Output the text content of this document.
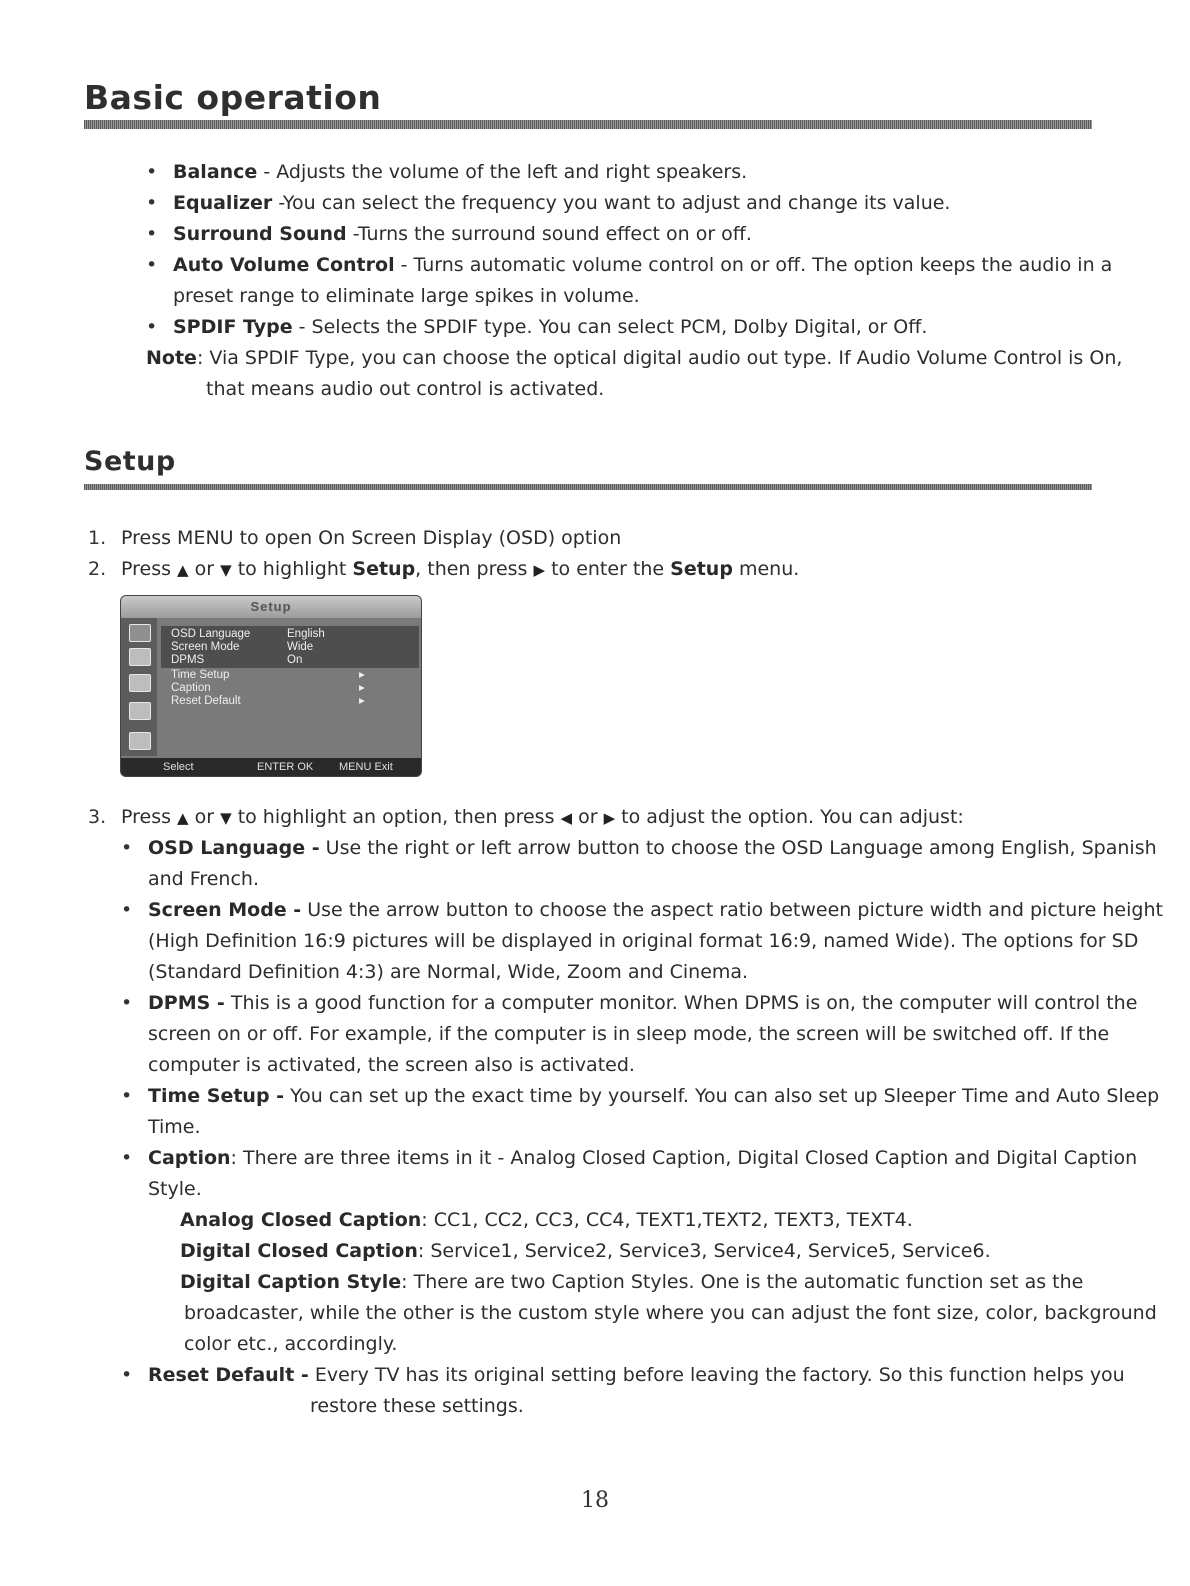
Basic operation
• Balance - Adjusts the volume of the left and right speakers.

• Equalizer -You can select the frequency you want to adjust and change its value.

• Surround Sound -Turns the surround sound effect on or off.

• Auto Volume Control - Turns automatic volume control on or off. The option keeps the audio in a

preset range to eliminate large spikes in volume.

• SPDIF Type - Selects the SPDIF type. You can select PCM, Dolby Digital, or Off.

Note: Via SPDIF Type, you can choose the optical digital audio out type. If Audio Volume Control is On,

that means audio out control is activated.

Setup
1. Press MENU to open On Screen Display (OSD) option

2. Press ▲ or ▼ to highlight Setup, then press ▶ to enter the Setup menu.

Setup
OSD Language	English
Screen Mode	Wide
DPMS	On
Time Setup	▸
Caption	▸
Reset Default	▸
Select	ENTER OK MENU Exit
3. Press ▲ or ▼ to highlight an option, then press ◀ or ▶ to adjust the option. You can adjust:

• OSD Language - Use the right or left arrow button to choose the OSD Language among English, Spanish

and French.

• Screen Mode - Use the arrow button to choose the aspect ratio between picture width and picture height

(High Definition 16:9 pictures will be displayed in original format 16:9, named Wide). The options for SD

(Standard Definition 4:3) are Normal, Wide, Zoom and Cinema.

• DPMS - This is a good function for a computer monitor. When DPMS is on, the computer will control the

screen on or off. For example, if the computer is in sleep mode, the screen will be switched off. If the

computer is activated, the screen also is activated.

• Time Setup - You can set up the exact time by yourself. You can also set up Sleeper Time and Auto Sleep

Time.

• Caption: There are three items in it - Analog Closed Caption, Digital Closed Caption and Digital Caption

Style.

Analog Closed Caption: CC1, CC2, CC3, CC4, TEXT1,TEXT2, TEXT3, TEXT4.

Digital Closed Caption: Service1, Service2, Service3, Service4, Service5, Service6.

Digital Caption Style: There are two Caption Styles. One is the automatic function set as the

broadcaster, while the other is the custom style where you can adjust the font size, color, background

color etc., accordingly.

• Reset Default - Every TV has its original setting before leaving the factory. So this function helps you

restore these settings.

18
